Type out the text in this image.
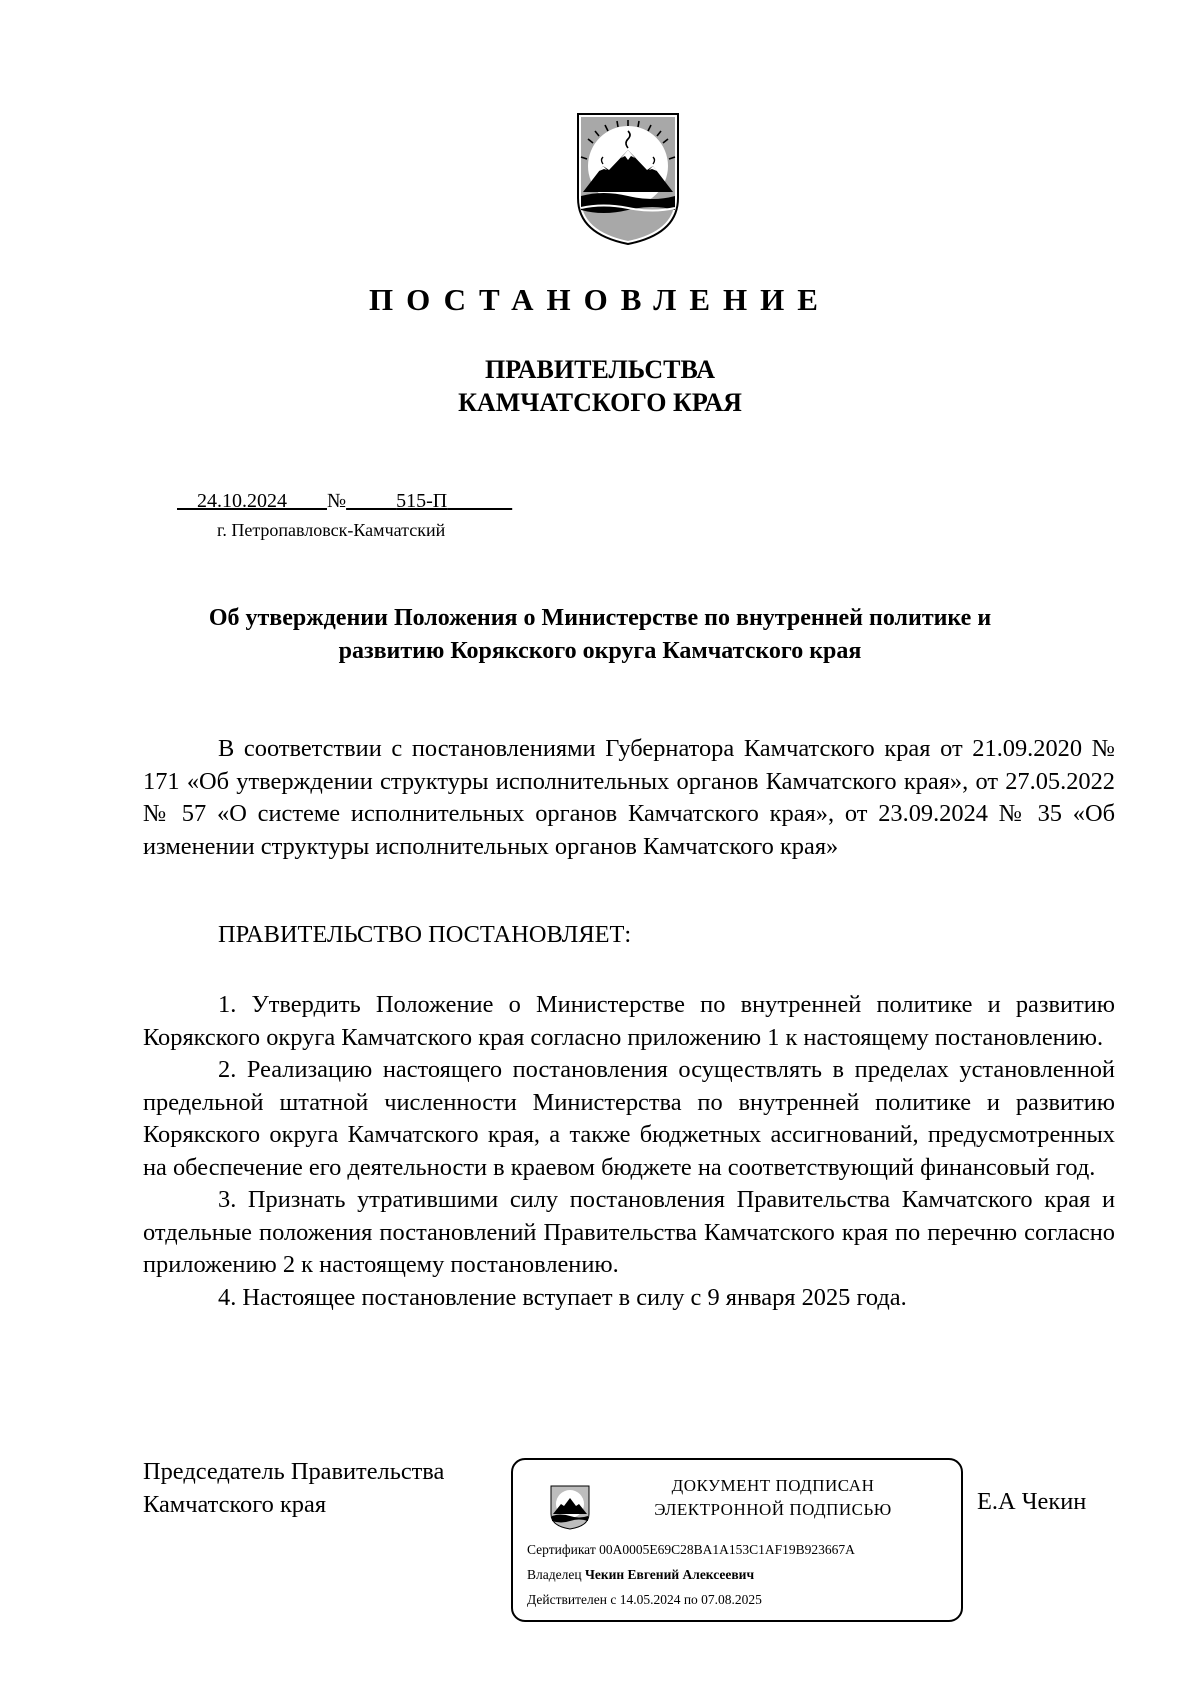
ПОСТАНОВЛЕНИЕ
ПРАВИТЕЛЬСТВА
КАМЧАТСКОГО КРАЯ
24.10.2024 №	515-П
г. Петропавловск-Камчатский
Об утверждении Положения о Министерстве по внутренней политике и
развитию Корякского округа Камчатского края

В соответствии с постановлениями Губернатора Камчатского края от 21.09.2020 № 171 «Об утверждении структуры исполнительных органов Камчатского края», от 27.05.2022 № 57 «О системе исполнительных органов Камчатского края», от 23.09.2024 № 35 «Об изменении структуры исполнительных органов Камчатского края»

ПРАВИТЕЛЬСТВО ПОСТАНОВЛЯЕТ:

1. Утвердить Положение о Министерстве по внутренней политике и развитию Корякского округа Камчатского края согласно приложению 1 к настоящему постановлению.

2. Реализацию настоящего постановления осуществлять в пределах установленной предельной штатной численности Министерства по внутренней политике и развитию Корякского округа Камчатского края, а также бюджетных ассигнований, предусмотренных на обеспечение его деятельности в краевом бюджете на соответствующий финансовый год.

3. Признать утратившими силу постановления Правительства Камчатского края и отдельные положения постановлений Правительства Камчатского края по перечню согласно приложению 2 к настоящему постановлению.

4. Настоящее постановление вступает в силу с 9 января 2025 года.

Председатель Правительства
Камчатского края
ДОКУМЕНТ ПОДПИСАН
ЭЛЕКТРОННОЙ ПОДПИСЬЮ
Сертификат 00A0005E69C28BA1A153C1AF19B923667A
Владелец Чекин Евгений Алексеевич
Действителен с 14.05.2024 по 07.08.2025
Е.А Чекин
